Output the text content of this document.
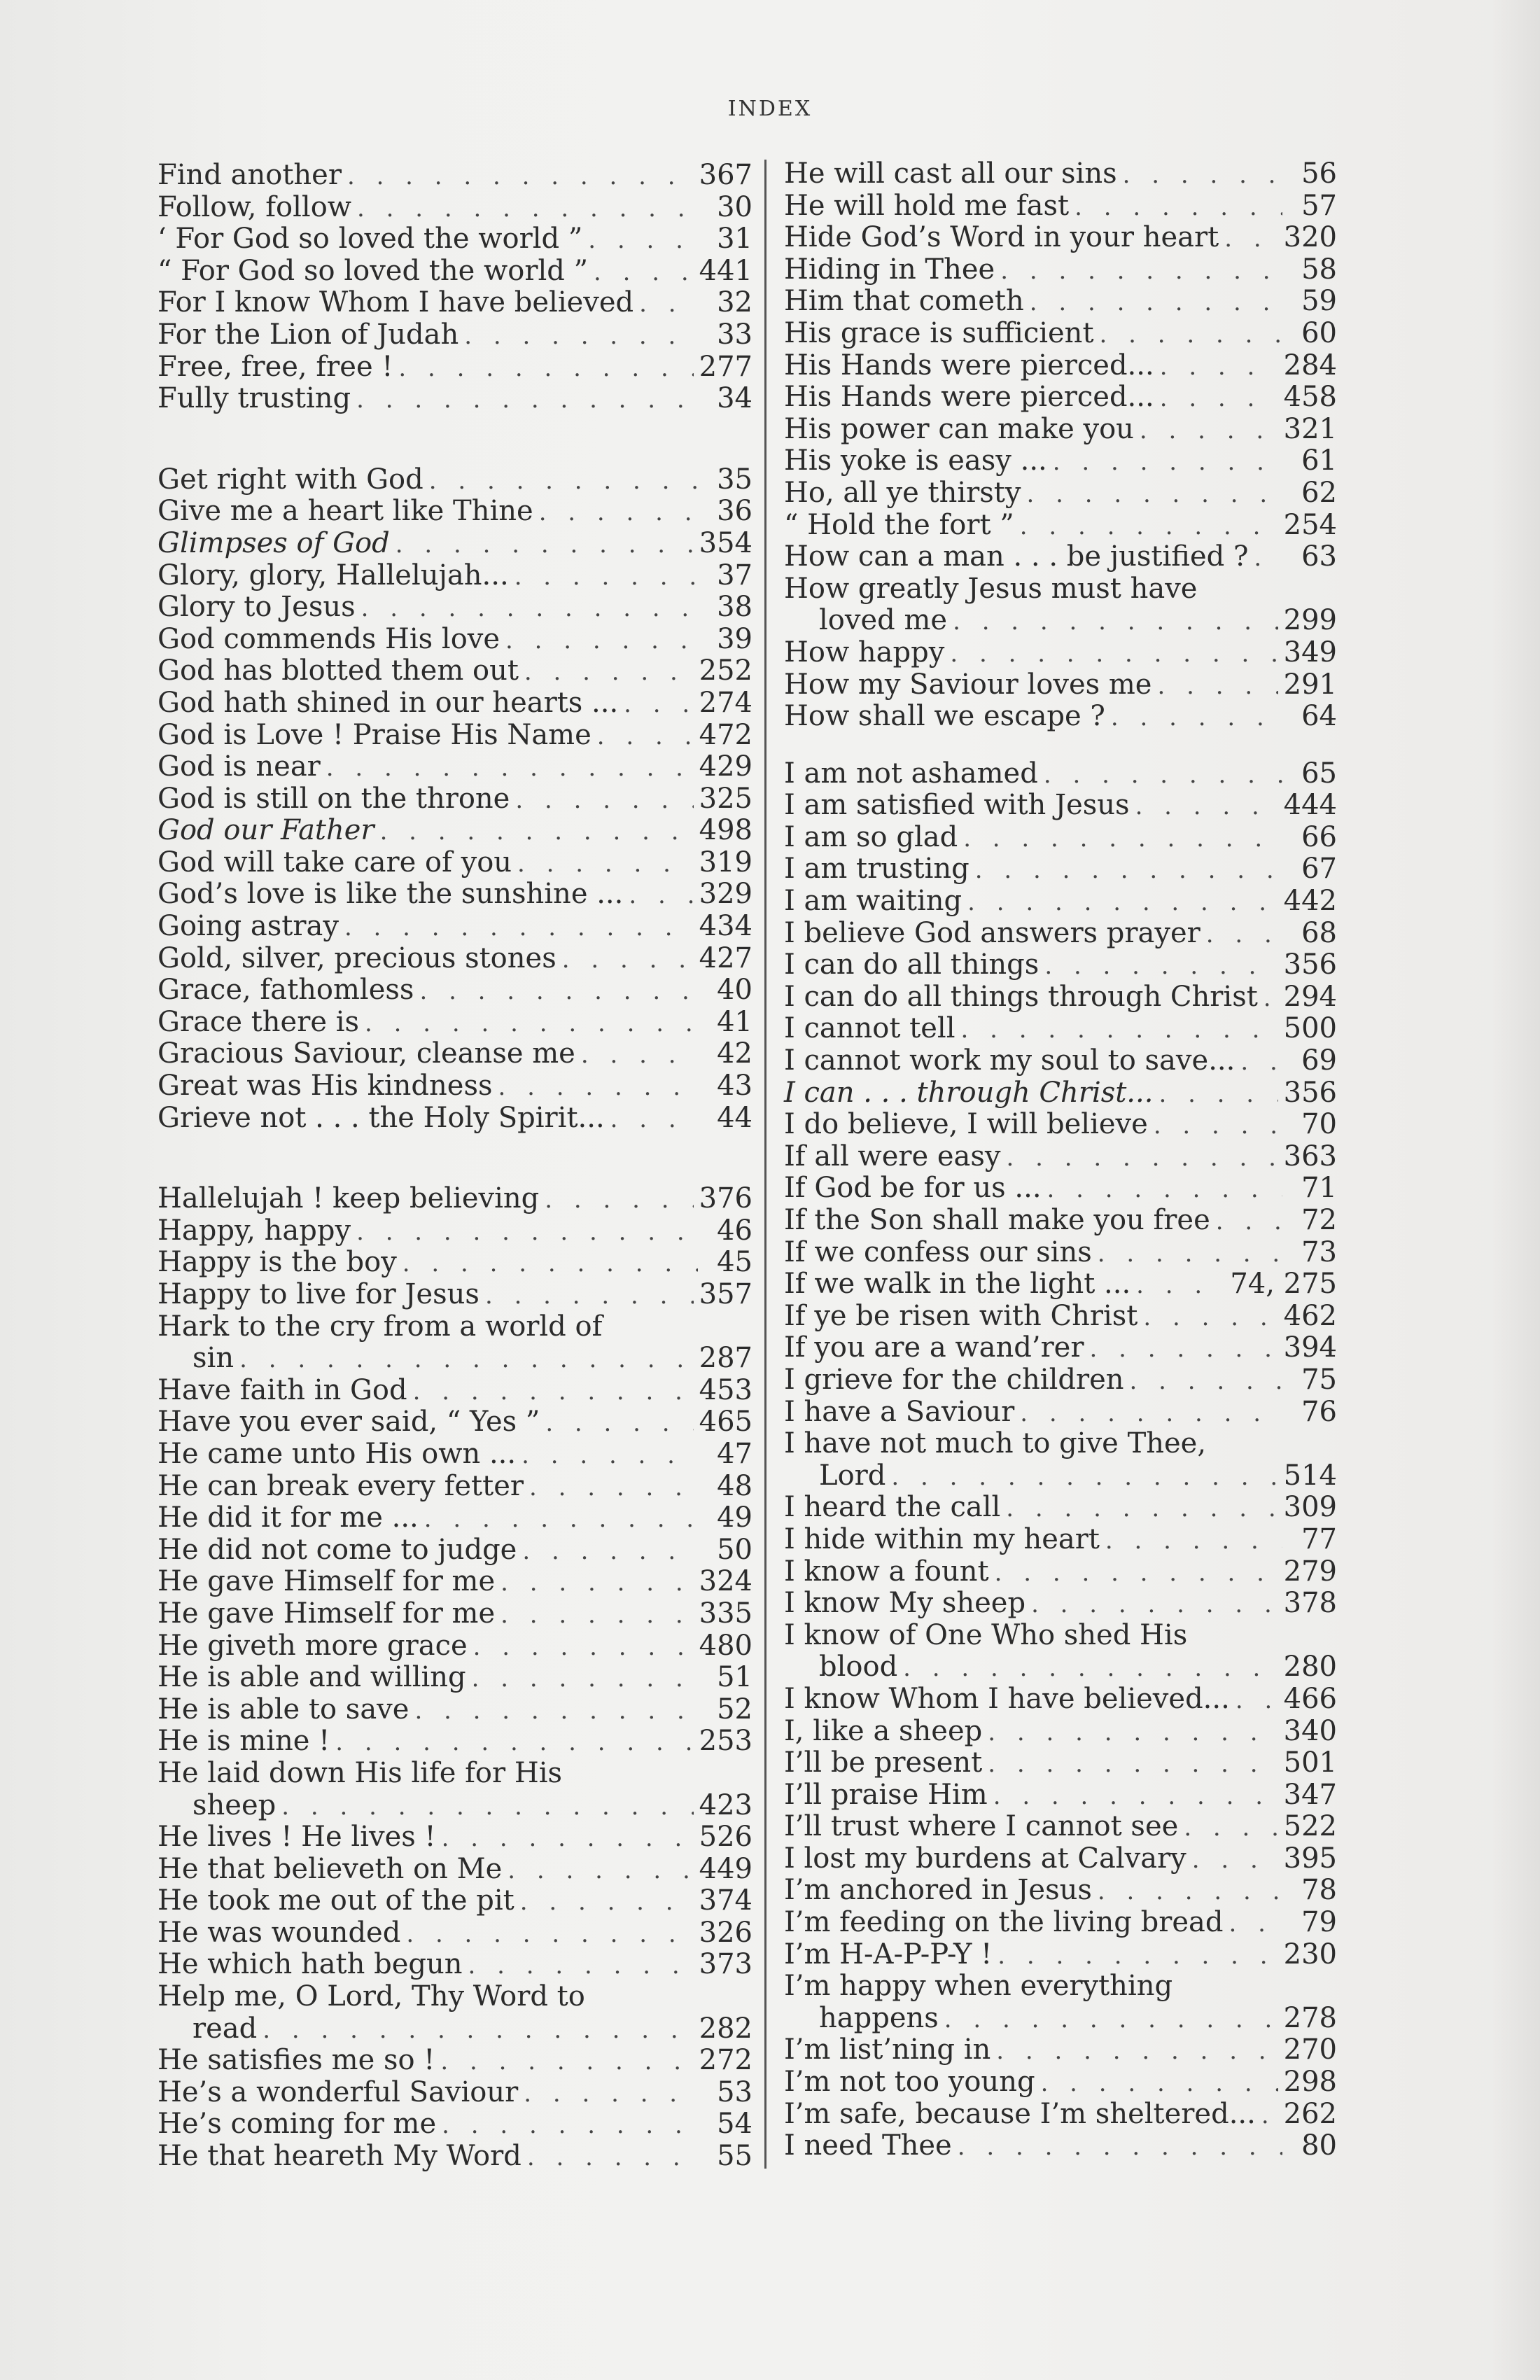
INDEX
Find another . . .	367
Follow, follow . . .	30
‘ For God so loved the world ” . . .	31
“ For God so loved the world ” . . .	441
For I know Whom I have believed . . .	32
For the Lion of Judah . . .	33
Free, free, free ! . . .	277
Fully trusting . . .	34
Get right with God . . .	35
Give me a heart like Thine . . .	36
Glimpses of God . . .	354
Glory, glory, Hallelujah... . . .	37
Glory to Jesus . . .	38
God commends His love . . .	39
God has blotted them out . . .	252
God hath shined in our hearts ... . . .	274
God is Love ! Praise His Name . . .	472
God is near . . .	429
God is still on the throne . . .	325
God our Father . . .	498
God will take care of you . . .	319
God’s love is like the sunshine ... . . .	329
Going astray . . .	434
Gold, silver, precious stones . . .	427
Grace, fathomless . . .	40
Grace there is . . .	41
Gracious Saviour, cleanse me . . .	42
Great was His kindness . . .	43
Grieve not . . . the Holy Spirit... . . .	44
Hallelujah ! keep believing . . .	376
Happy, happy . . .	46
Happy is the boy . . .	45
Happy to live for Jesus . . .	357
Hark to the cry from a world of
sin . . .	287
Have faith in God . . .	453
Have you ever said, “ Yes ” . . .	465
He came unto His own ... . . .	47
He can break every fetter . . .	48
He did it for me ... . . .	49
He did not come to judge . . .	50
He gave Himself for me . . .	324
He gave Himself for me . . .	335
He giveth more grace . . .	480
He is able and willing . . .	51
He is able to save . . .	52
He is mine ! . . .	253
He laid down His life for His
sheep . . .	423
He lives ! He lives ! . . .	526
He that believeth on Me . . .	449
He took me out of the pit . . .	374
He was wounded . . .	326
He which hath begun . . .	373
Help me, O Lord, Thy Word to
read . . .	282
He satisfies me so ! . . .	272
He’s a wonderful Saviour . . .	53
He’s coming for me . . .	54
He that heareth My Word . . .	55
He will cast all our sins . . .	56
He will hold me fast . . .	57
Hide God’s Word in your heart . . . 320
Hiding in Thee . . .	58
Him that cometh . . .	59
His grace is sufficient . . .	60
His Hands were pierced... . . .	284
His Hands were pierced... . . .	458
His power can make you . . .	321
His yoke is easy ... . . .	61
Ho, all ye thirsty . . .	62
“ Hold the fort ” . . .	254
How can a man . . . be justified ? . . .	63
How greatly Jesus must have
loved me . . .	299
How happy . . .	349
How my Saviour loves me . . .	291
How shall we escape ? . . .	64
I am not ashamed . . .	65
I am satisfied with Jesus . . .	444
I am so glad . . .	66
I am trusting . . .	67
I am waiting . . .	442
I believe God answers prayer . . .	68
I can do all things . . .	356
I can do all things through Christ . . . 294
I cannot tell . . .	500
I cannot work my soul to save... . . .	69
I can . . . through Christ... . . .	356
I do believe, I will believe . . .	70
If all were easy . . .	363
If God be for us ... . . .	71
If the Son shall make you free . . .	72
If we confess our sins . . .	73
If we walk in the light ... . . .	74, 275
If ye be risen with Christ . . .	462
If you are a wand’rer . . .	394
I grieve for the children . . .	75
I have a Saviour . . .	76
I have not much to give Thee,
Lord . . .	514
I heard the call . . .	309
I hide within my heart . . .	77
I know a fount . . .	279
I know My sheep . . .	378
I know of One Who shed His
blood . . .	280
I know Whom I have believed... . . . 466
I, like a sheep . . .	340
I’ll be present . . .	501
I’ll praise Him . . .	347
I’ll trust where I cannot see . . .	522
I lost my burdens at Calvary . . .	395
I’m anchored in Jesus . . .	78
I’m feeding on the living bread . . .	79
I’m H-A-P-P-Y ! . . .	230
I’m happy when everything
happens . . .	278
I’m list’ning in . . .	270
I’m not too young . . .	298
I’m safe, because I’m sheltered... . . . 262
I need Thee . . .	80
